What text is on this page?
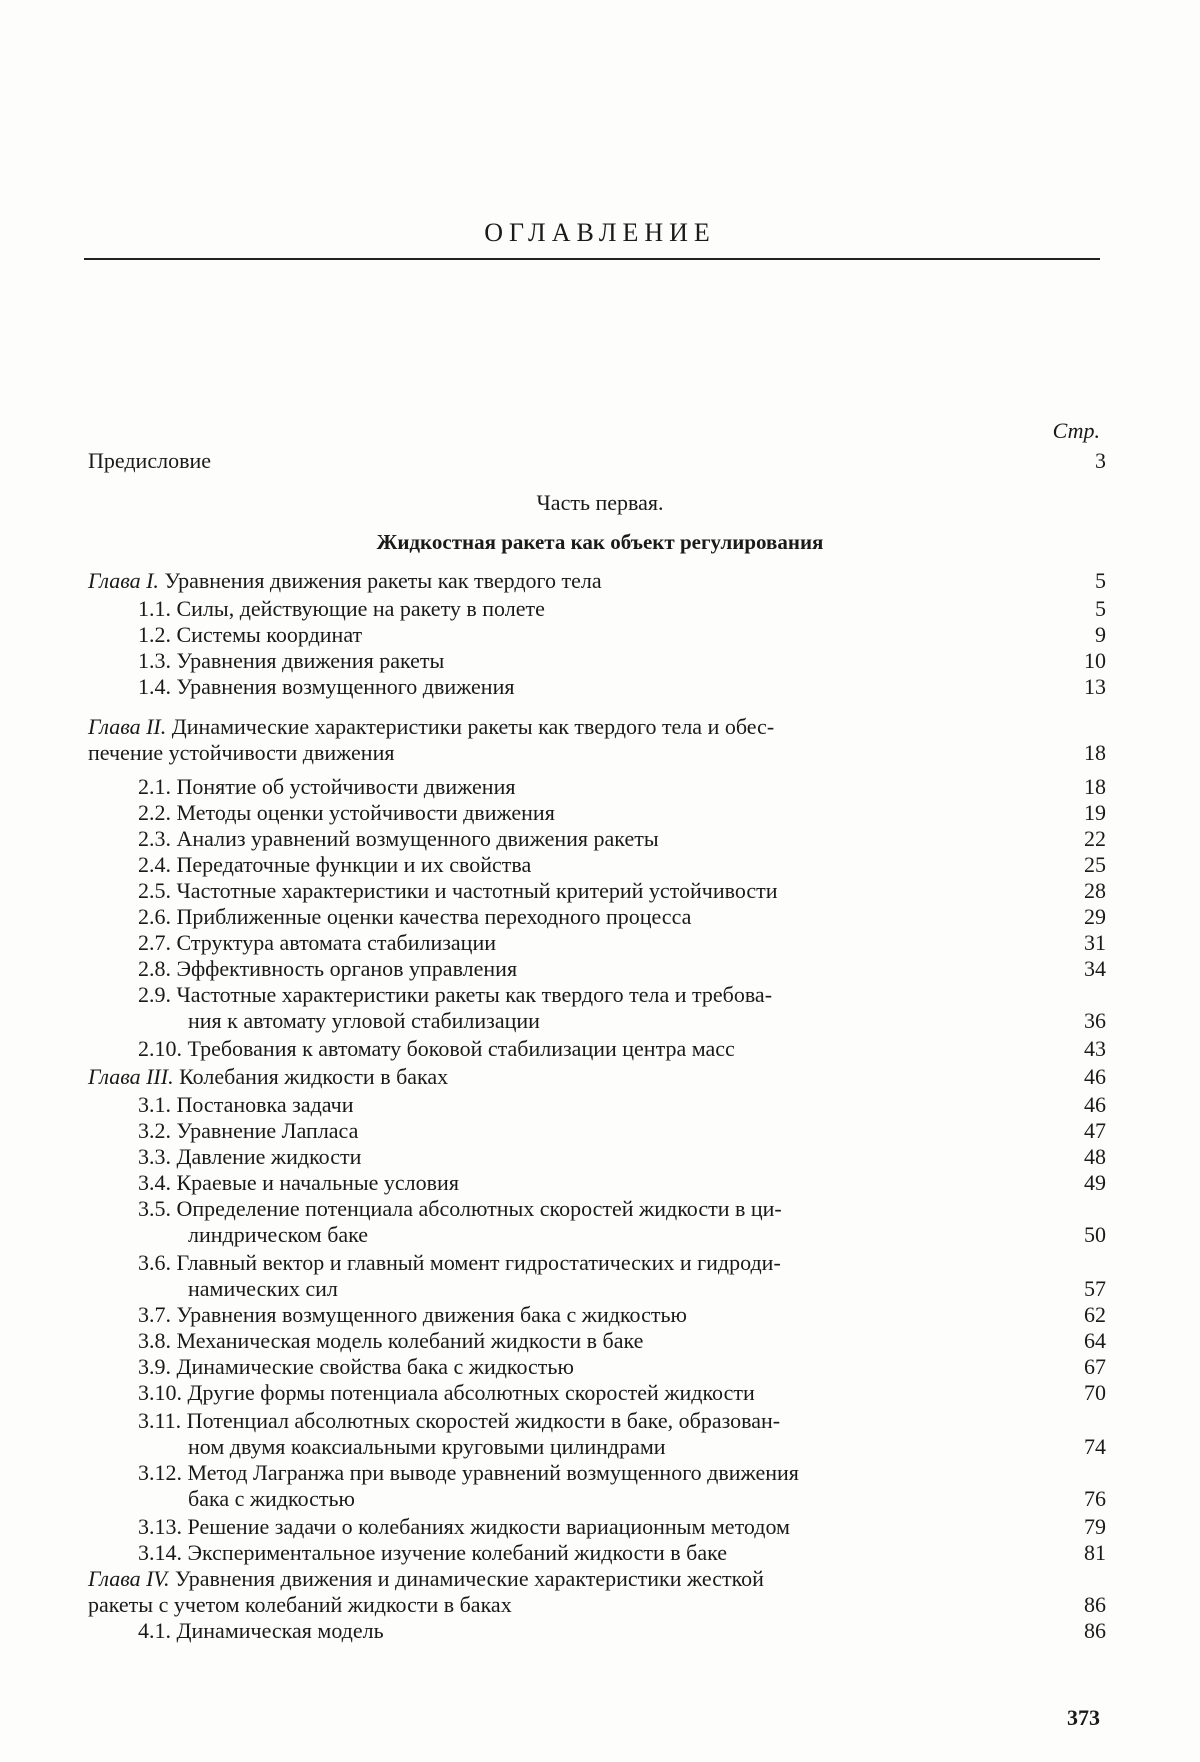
ОГЛАВЛЕНИЕ
Стр.
Предисловие	3
Часть первая.
Жидкостная ракета как объект регулирования
Глава I. Уравнения движения ракеты как твердого тела	5
1.1. Силы, действующие на ракету в полете	5
1.2. Системы координат	9
1.3. Уравнения движения ракеты	10
1.4. Уравнения возмущенного движения	13
Глава II. Динамические характеристики ракеты как твердого тела и обес-
печение устойчивости движения	18
2.1. Понятие об устойчивости движения	18
2.2. Методы оценки устойчивости движения	19
2.3. Анализ уравнений возмущенного движения ракеты	22
2.4. Передаточные функции и их свойства	25
2.5. Частотные характеристики и частотный критерий устойчивости	28
2.6. Приближенные оценки качества переходного процесса	29
2.7. Структура автомата стабилизации	31
2.8. Эффективность органов управления	34
2.9. Частотные характеристики ракеты как твердого тела и требова-
ния к автомату угловой стабилизации	36
2.10. Требования к автомату боковой стабилизации центра масс	43
Глава III. Колебания жидкости в баках	46
3.1. Постановка задачи	46
3.2. Уравнение Лапласа	47
3.3. Давление жидкости	48
3.4. Краевые и начальные условия	49
3.5. Определение потенциала абсолютных скоростей жидкости в ци-
линдрическом баке	50
3.6. Главный вектор и главный момент гидростатических и гидроди-
намических сил	57
3.7. Уравнения возмущенного движения бака с жидкостью	62
3.8. Механическая модель колебаний жидкости в баке	64
3.9. Динамические свойства бака с жидкостью	67
3.10. Другие формы потенциала абсолютных скоростей жидкости	70
3.11. Потенциал абсолютных скоростей жидкости в баке, образован-
ном двумя коаксиальными круговыми цилиндрами	74
3.12. Метод Лагранжа при выводе уравнений возмущенного движения
бака с жидкостью	76
3.13. Решение задачи о колебаниях жидкости вариационным методом	79
3.14. Экспериментальное изучение колебаний жидкости в баке	81
Глава IV. Уравнения движения и динамические характеристики жесткой
ракеты с учетом колебаний жидкости в баках	86
4.1. Динамическая модель	86
373
